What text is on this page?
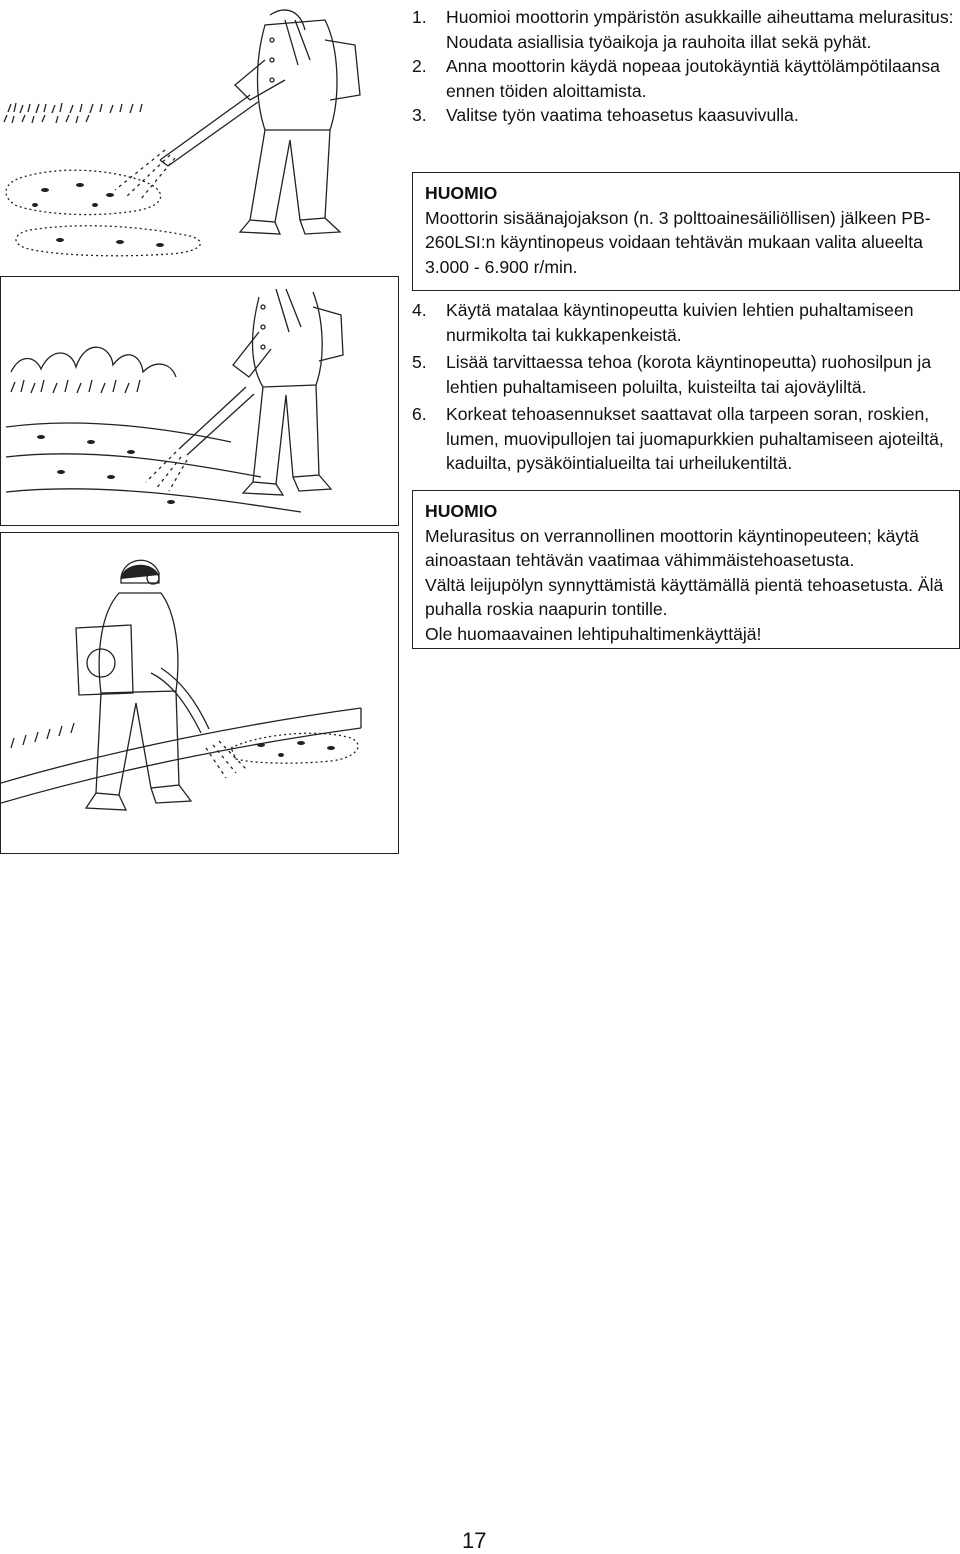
1. Huomioi moottorin ympäristön asukkaille aiheuttama melurasitus: Noudata asiallisia työaikoja ja rauhoita illat sekä pyhät.
2. Anna moottorin käydä nopeaa joutokäyntiä käyttölämpötilaansa ennen töiden aloittamista.
3. Valitse työn vaatima tehoasetus kaasuvivulla.
HUOMIO

Moottorin sisäänajojakson (n. 3 polttoainesäiliöllisen) jälkeen PB-260LSI:n käyntinopeus voidaan tehtävän mukaan valita alueelta 3.000 - 6.900 r/min.

4. Käytä matalaa käyntinopeutta kuivien lehtien puhaltamiseen nurmikolta tai kukkapenkeistä.
5. Lisää tarvittaessa tehoa (korota käyntinopeutta) ruohosilpun ja lehtien puhaltamiseen poluilta, kuisteilta tai ajoväyliltä.
6. Korkeat tehoasennukset saattavat olla tarpeen soran, roskien, lumen, muovipullojen tai juomapurkkien puhaltamiseen ajoteiltä, kaduilta, pysäköintialueilta tai urheilukentiltä.
HUOMIO

Melurasitus on verrannollinen moottorin käyntinopeuteen; käytä ainoastaan tehtävän vaatimaa vähimmäistehoasetusta.

Vältä leijupölyn synnyttämistä käyttämällä pientä tehoasetusta. Älä puhalla roskia naapurin tontille.

Ole huomaavainen lehtipuhaltimenkäyttäjä!

17
